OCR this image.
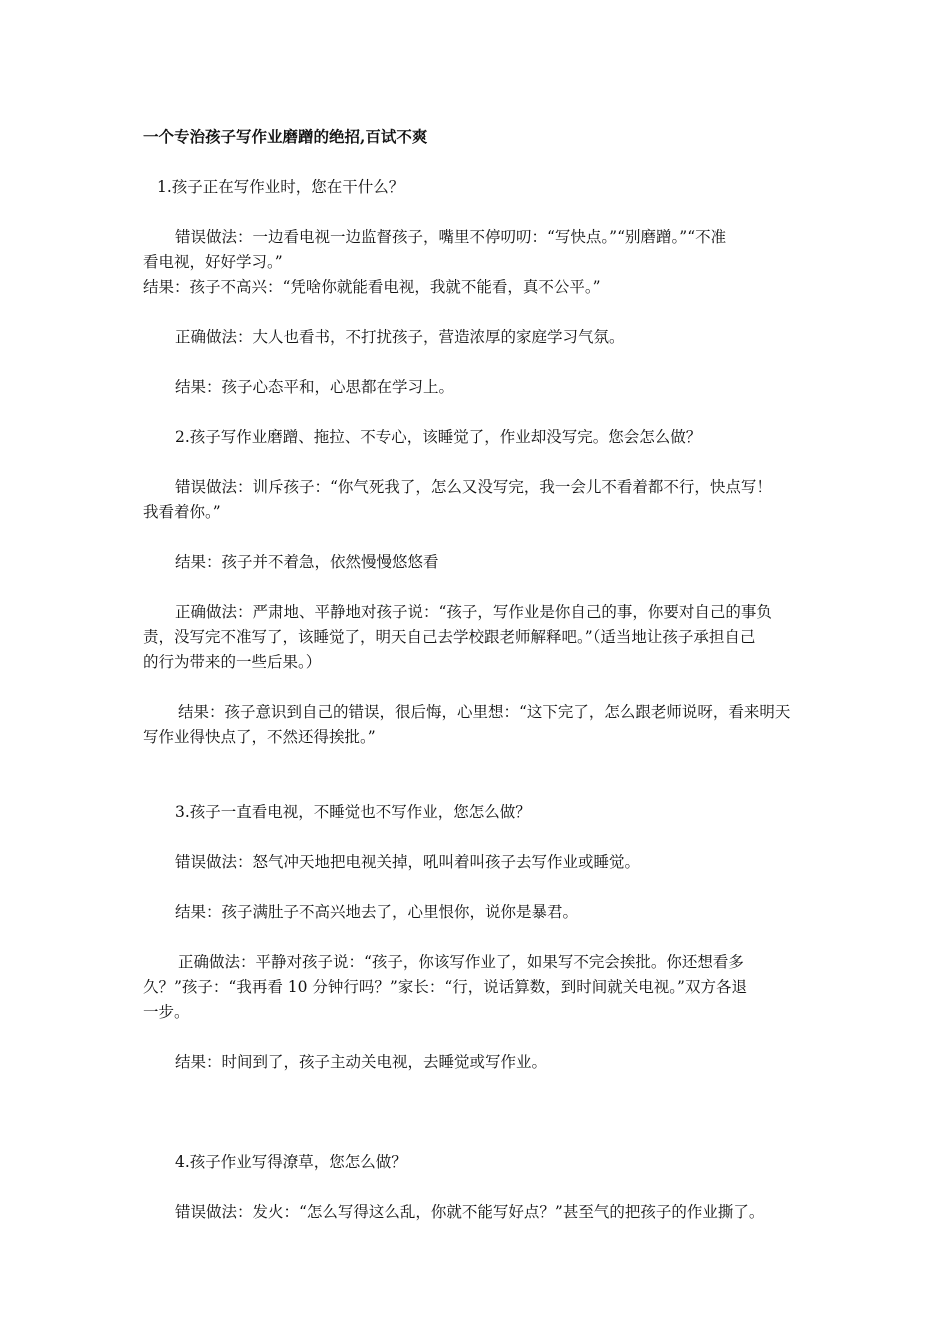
一个专治孩子写作业磨蹭的绝招,百试不爽
1.孩子正在写作业时，您在干什么？
错误做法：一边看电视一边监督孩子，嘴里不停叨叨：“写快点。”“别磨蹭。”“不准
看电视，好好学习。”
结果：孩子不高兴：“凭啥你就能看电视，我就不能看，真不公平。”
正确做法：大人也看书，不打扰孩子，营造浓厚的家庭学习气氛。
结果：孩子心态平和，心思都在学习上。
2.孩子写作业磨蹭、拖拉、不专心，该睡觉了，作业却没写完。您会怎么做？
错误做法：训斥孩子：“你气死我了，怎么又没写完，我一会儿不看着都不行，快点写！
我看着你。”
结果：孩子并不着急，依然慢慢悠悠看
正确做法：严肃地、平静地对孩子说：“孩子，写作业是你自己的事，你要对自己的事负
责，没写完不准写了，该睡觉了，明天自己去学校跟老师解释吧。”（适当地让孩子承担自己
的行为带来的一些后果。）
结果：孩子意识到自己的错误，很后悔，心里想：“这下完了，怎么跟老师说呀，看来明天
写作业得快点了，不然还得挨批。”
3.孩子一直看电视，不睡觉也不写作业，您怎么做？
错误做法：怒气冲天地把电视关掉，吼叫着叫孩子去写作业或睡觉。
结果：孩子满肚子不高兴地去了，心里恨你，说你是暴君。
正确做法：平静对孩子说：“孩子，你该写作业了，如果写不完会挨批。你还想看多
久？”孩子：“我再看 10 分钟行吗？”家长：“行，说话算数，到时间就关电视。”双方各退
一步。
结果：时间到了，孩子主动关电视，去睡觉或写作业。
4.孩子作业写得潦草，您怎么做？
错误做法：发火：“怎么写得这么乱，你就不能写好点？”甚至气的把孩子的作业撕了。
